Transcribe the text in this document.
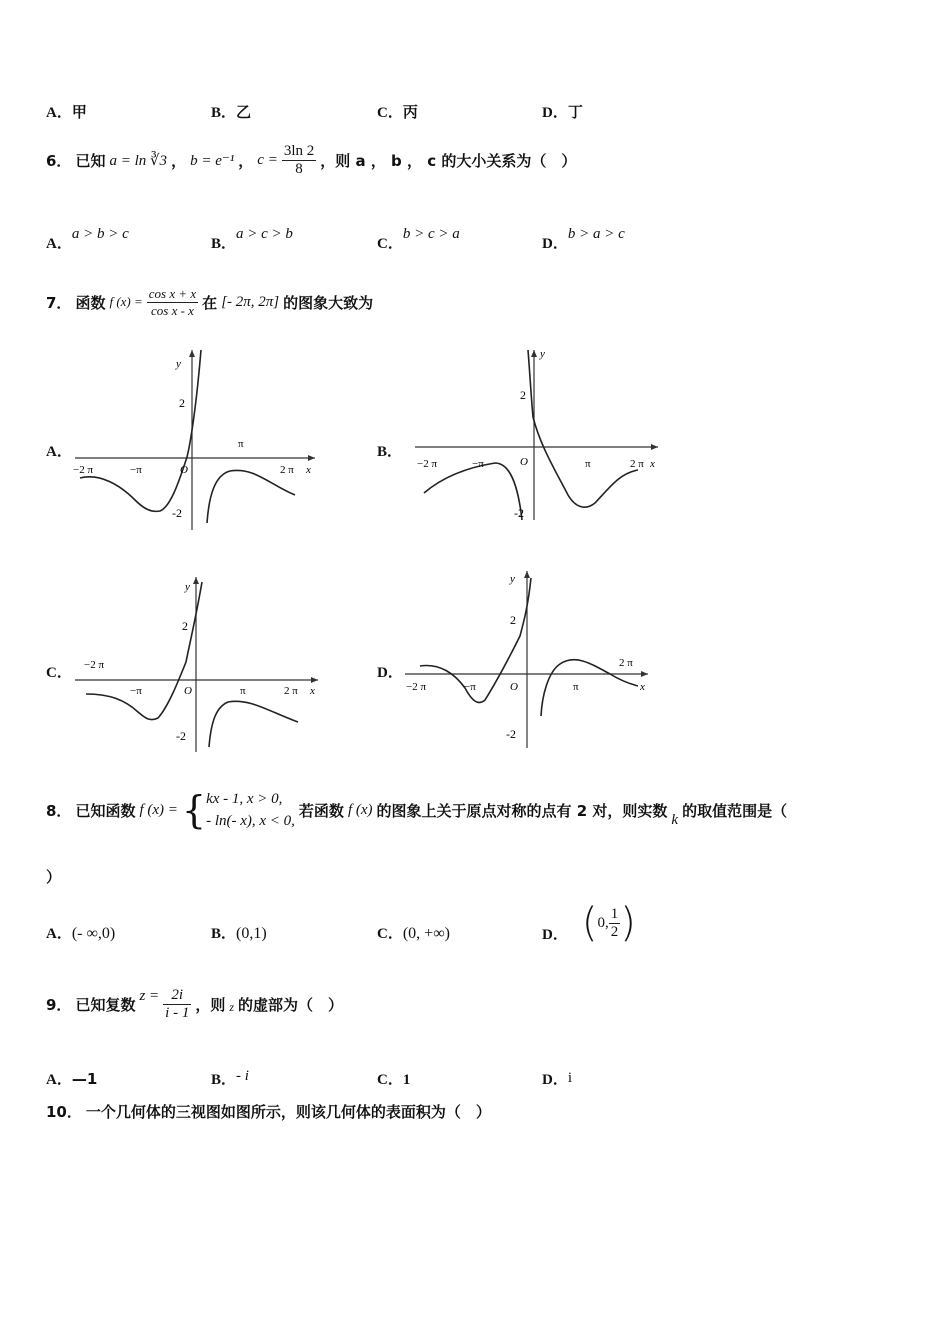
A．甲	B．乙	C．丙	D．丁
6． 已知 a = ln ∛3 ， b = e⁻¹ ， $c = \frac{3\ln 2}{8}$ ，则 a ， b ， c 的大小关系为（　）
A．a > b > c
B．a > c > b
C．b > c > a
D．b > a > c
7． 函数 f $(x) = \frac{\text{cos x + x}}{\text{cos x - x}}$ 在 [- 2π, 2π] 的图象大致为
A．	B．
C．	D．
y
2
-2
O
π
−π	2 π
−2 π	x
y
2
-2
O	π
−π	2 π
−2 π	x
y
2
-2
O	π
−π	2 π
−2 π
x
y
2
-2
O	π
−π
2 π
−2 π	x
8． 已知函数 f (x) = { kx - 1, x > 0,
- ln(- x), x < 0,
若函数 f (x) 的图象上关于原点对称的点有 2 对，则实数 k 的取值范围是（
）
A．(- ∞,0)	B．(0,1)	C．(0, +∞)	D． ( 0, $\frac{1}{2}$ )
9． 已知复数 $z = \frac{2i}{i - 1}$ ，则 z 的虚部为（　）
A．—1	B．- i	C．1	D．i
10． 一个几何体的三视图如图所示，则该几何体的表面积为（　）
